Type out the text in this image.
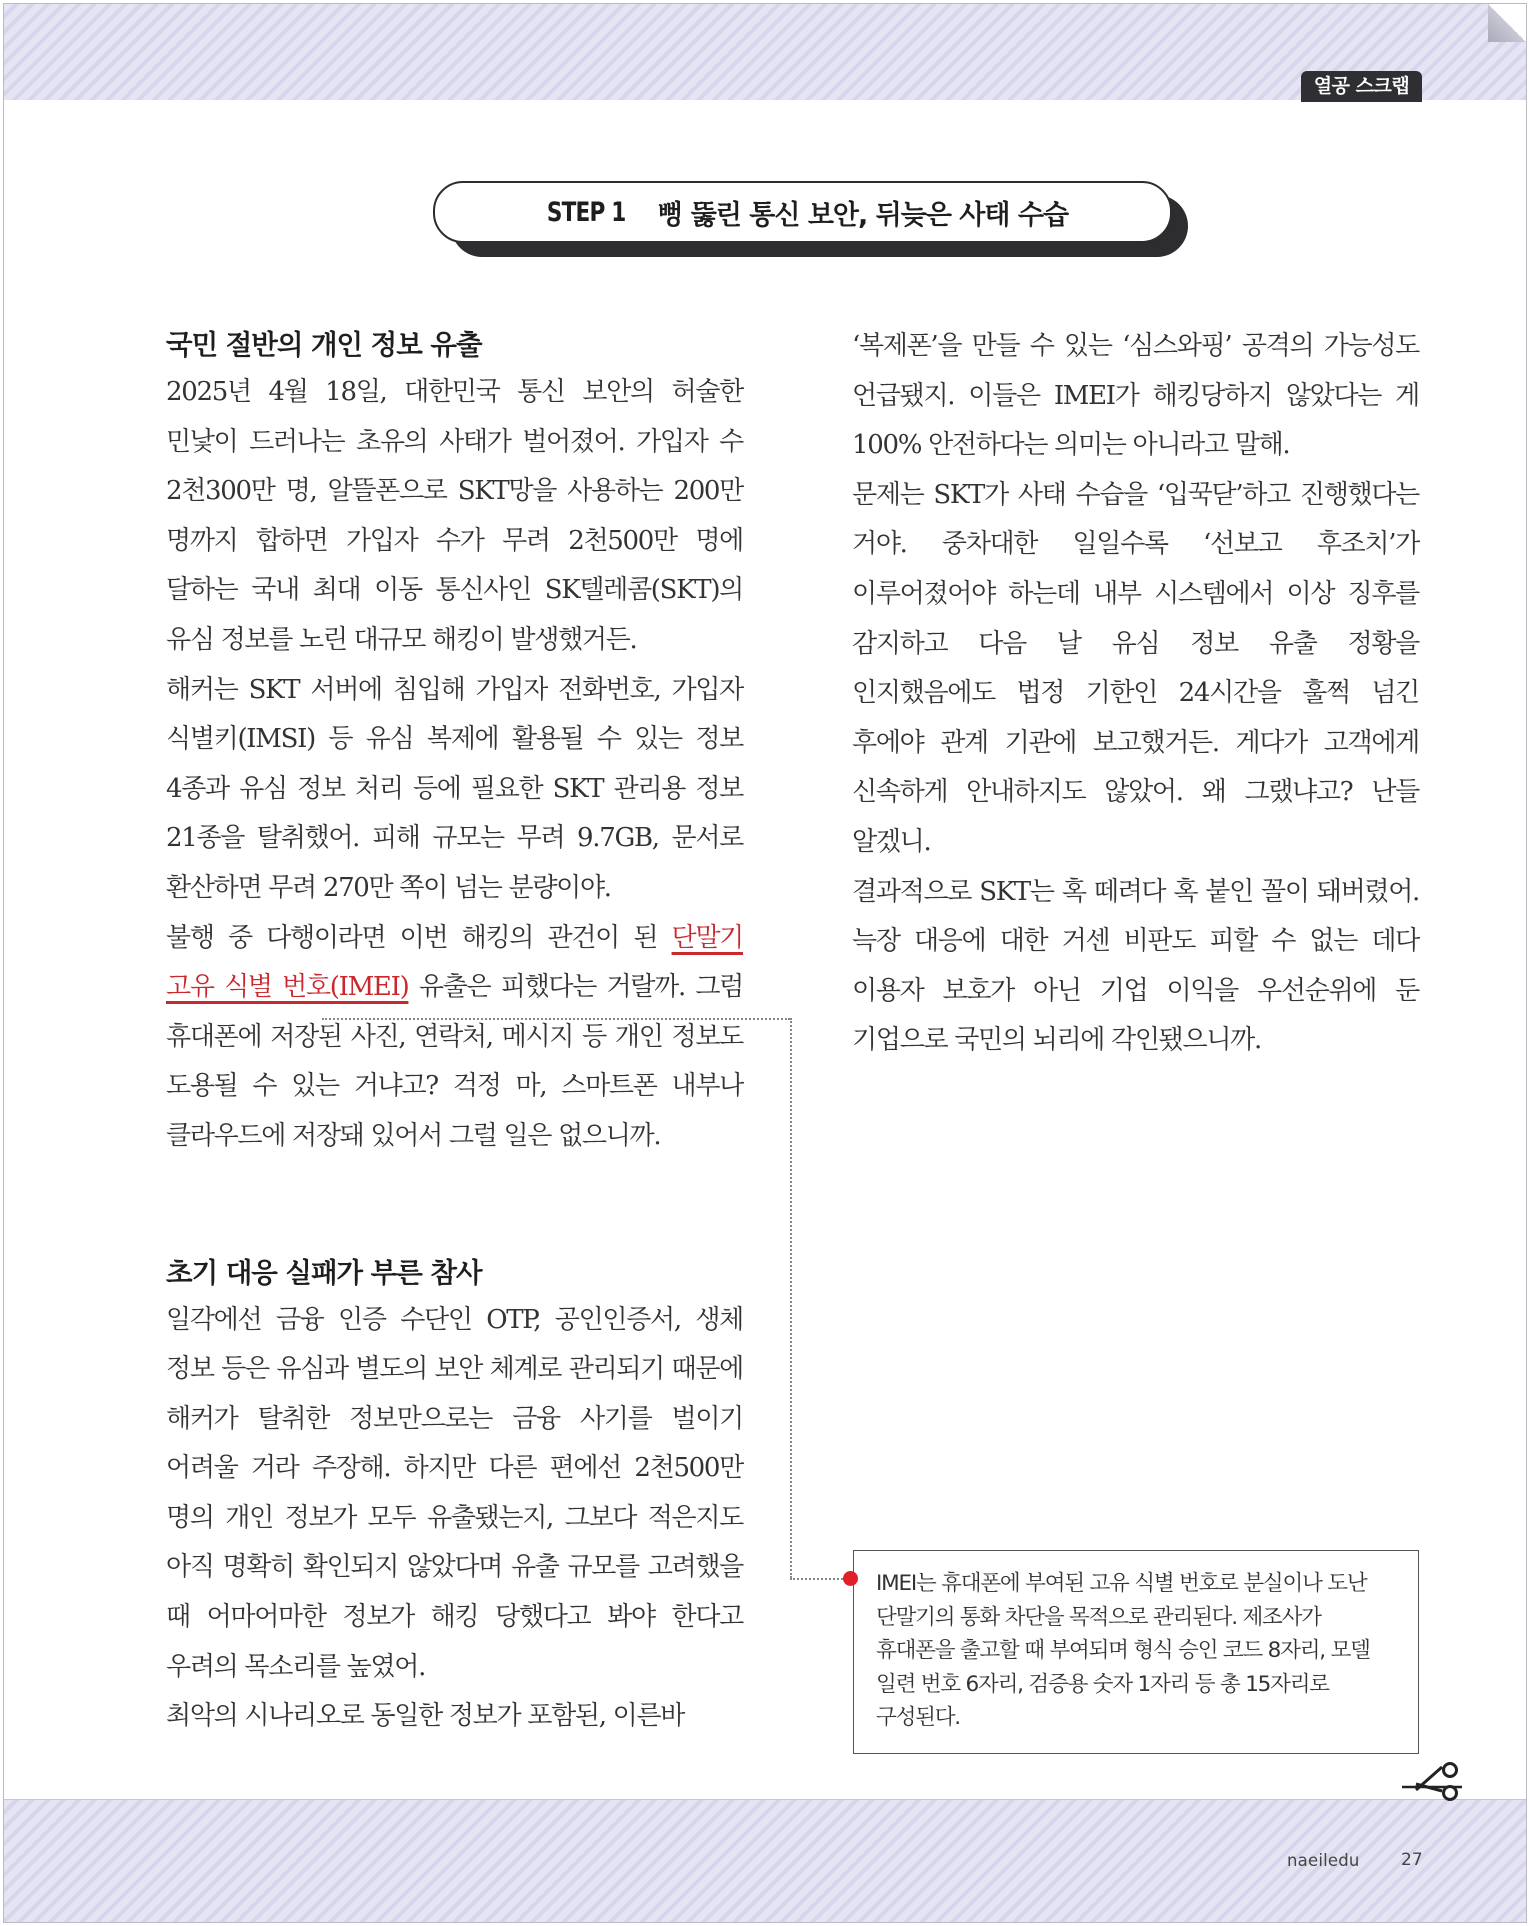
열공 스크랩
STEP 1 뻥 뚫린 통신 보안, 뒤늦은 사태 수습
국민 절반의 개인 정보 유출

2025년 4월 18일, 대한민국 통신 보안의 허술한 민낯이 드러나는 초유의 사태가 벌어졌어. 가입자 수 2천300만 명, 알뜰폰으로 SKT망을 사용하는 200만 명까지 합하면 가입자 수가 무려 2천500만 명에 달하는 국내 최대 이동 통신사인 SK텔레콤(SKT)의 유심 정보를 노린 대규모 해킹이 발생했거든.

해커는 SKT 서버에 침입해 가입자 전화번호, 가입자 식별키(IMSI) 등 유심 복제에 활용될 수 있는 정보 4종과 유심 정보 처리 등에 필요한 SKT 관리용 정보 21종을 탈취했어. 피해 규모는 무려 9.7GB, 문서로 환산하면 무려 270만 쪽이 넘는 분량이야.

불행 중 다행이라면 이번 해킹의 관건이 된 단말기 고유 식별 번호(IMEI) 유출은 피했다는 거랄까. 그럼 휴대폰에 저장된 사진, 연락처, 메시지 등 개인 정보도 도용될 수 있는 거냐고? 걱정 마, 스마트폰 내부나 클라우드에 저장돼 있어서 그럴 일은 없으니까.

초기 대응 실패가 부른 참사

일각에선 금융 인증 수단인 OTP, 공인인증서, 생체 정보 등은 유심과 별도의 보안 체계로 관리되기 때문에 해커가 탈취한 정보만으로는 금융 사기를 벌이기 어려울 거라 주장해. 하지만 다른 편에선 2천500만 명의 개인 정보가 모두 유출됐는지, 그보다 적은지도 아직 명확히 확인되지 않았다며 유출 규모를 고려했을 때 어마어마한 정보가 해킹 당했다고 봐야 한다고 우려의 목소리를 높였어.

최악의 시나리오로 동일한 정보가 포함된, 이른바

‘복제폰’을 만들 수 있는 ‘심스와핑’ 공격의 가능성도 언급됐지. 이들은 IMEI가 해킹당하지 않았다는 게 100% 안전하다는 의미는 아니라고 말해.

문제는 SKT가 사태 수습을 ‘입꾹닫’하고 진행했다는 거야. 중차대한 일일수록 ‘선보고 후조치’가 이루어졌어야 하는데 내부 시스템에서 이상 징후를 감지하고 다음 날 유심 정보 유출 정황을 인지했음에도 법정 기한인 24시간을 훌쩍 넘긴 후에야 관계 기관에 보고했거든. 게다가 고객에게 신속하게 안내하지도 않았어. 왜 그랬냐고? 난들 알겠니.

결과적으로 SKT는 혹 떼려다 혹 붙인 꼴이 돼버렸어. 늑장 대응에 대한 거센 비판도 피할 수 없는 데다 이용자 보호가 아닌 기업 이익을 우선순위에 둔 기업으로 국민의 뇌리에 각인됐으니까.

IMEI는 휴대폰에 부여된 고유 식별 번호로 분실이나 도난 단말기의 통화 차단을 목적으로 관리된다. 제조사가 휴대폰을 출고할 때 부여되며 형식 승인 코드 8자리, 모델 일련 번호 6자리, 검증용 숫자 1자리 등 총 15자리로 구성된다.

naeiledu 27
